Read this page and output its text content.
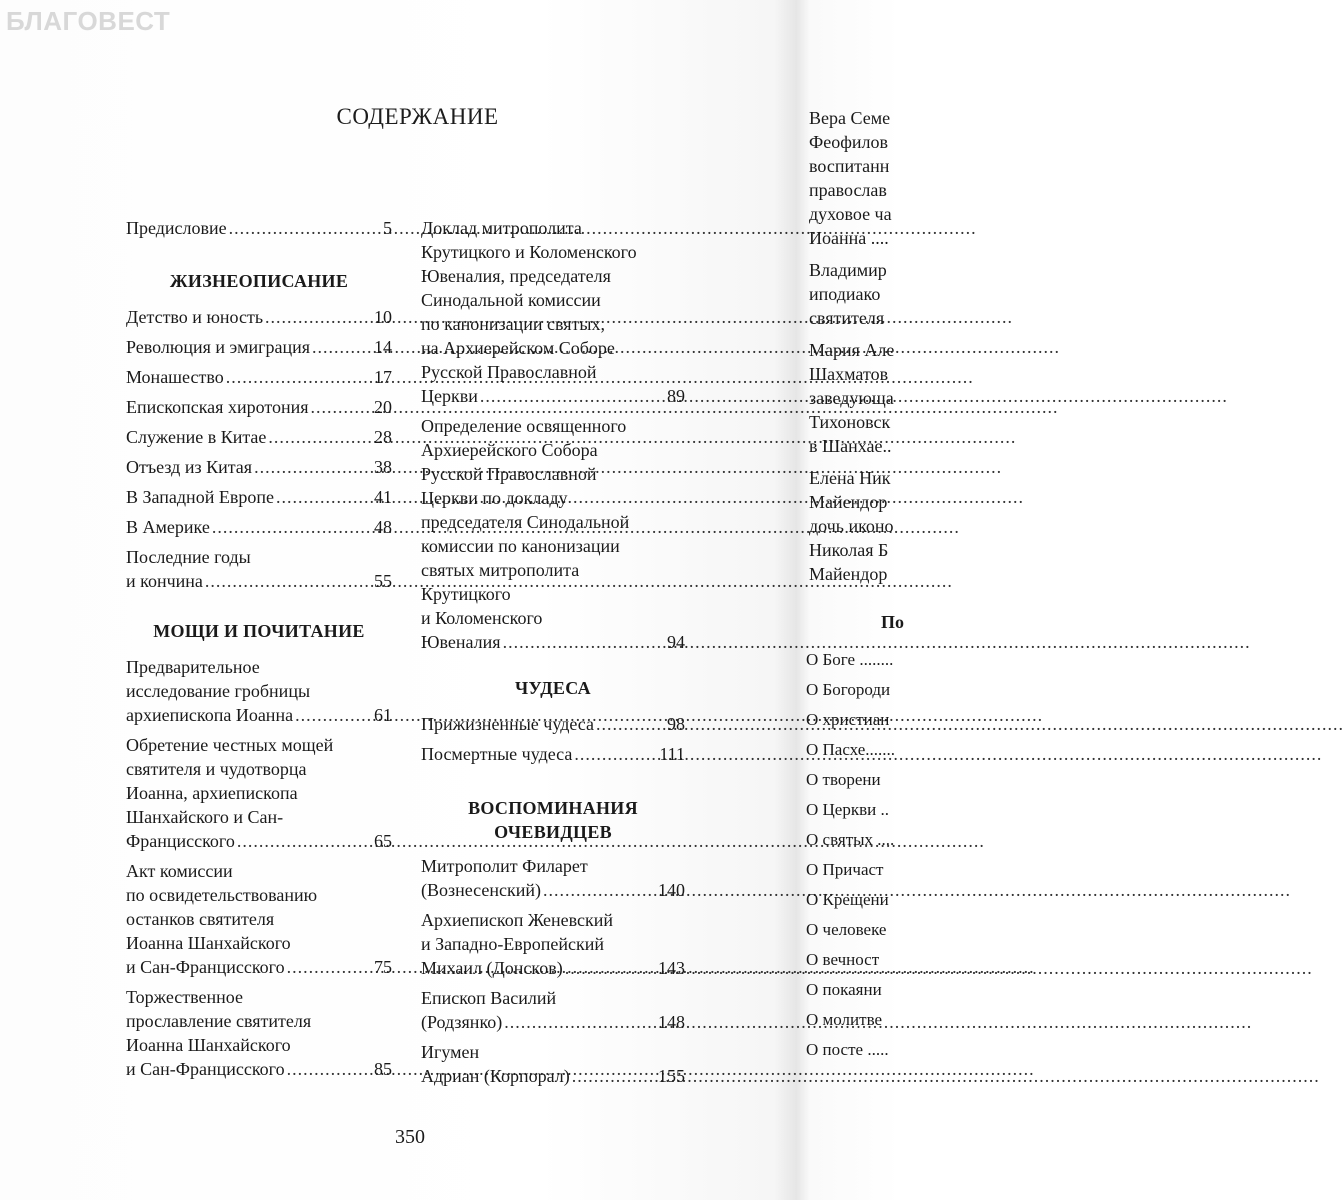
БЛАГОВЕСТ
СОДЕРЖАНИЕ
Предисловие .....	5
ЖИЗНЕОПИСАНИЕ
Детство и юность .....	10
Революция и эмиграция .....	14
Монашество .....	17
Епископская хиротония .....	20
Служение в Китае .....	28
Отъезд из Китая .....	38
В Западной Европе .....	41
В Америке .....	48
Последние годы
и кончина .....	55
МОЩИ И ПОЧИТАНИЕ
Предварительное
исследование гробницы
архиепископа Иоанна .....	61
Обретение честных мощей
святителя и чудотворца
Иоанна, архиепископа
Шанхайского и Сан-
Францисского .....	65
Акт комиссии
по освидетельствованию
останков святителя
Иоанна Шанхайского
и Сан-Францисского .....	75
Торжественное
прославление святителя
Иоанна Шанхайского
и Сан-Францисского .....	85
Доклад митрополита
Крутицкого и Коломенского
Ювеналия, председателя
Синодальной комиссии
по канонизации святых,
на Архиерейском Соборе
Русской Православной
Церкви .....	89
Определение освященного
Архиерейского Собора
Русской Православной
Церкви по докладу
председателя Синодальной
комиссии по канонизации
святых митрополита
Крутицкого
и Коломенского
Ювеналия .....	94
ЧУДЕСА
Прижизненные чудеса .....	98
Посмертные чудеса .....	111
ВОСПОМИНАНИЯ
ОЧЕВИДЦЕВ
Митрополит Филарет
(Вознесенский) .....	140
Архиепископ Женевский
и Западно-Европейский
Михаил (Донсков) .....	143
Епископ Василий
(Родзянко) .....	148
Игумен
Адриан (Корпорал) .....	155
Вера Семе
Феофилов
воспитанн
православ
духовое ча
Иоанна ....
Владимир
иподиако
святителя
Мария Але
Шахматов
заведующа
Тихоновск
в Шанхае..
Елена Ник
Майендор
дочь иконо
Николая Б
Майендор
По
О Боге ........
О Богороди
О христиан
О Пасхе.......
О творени
О Церкви ..
О святых ....
О Причаст
О Крещени
О человеке
О вечност
О покаяни
О молитве
О посте .....
350
